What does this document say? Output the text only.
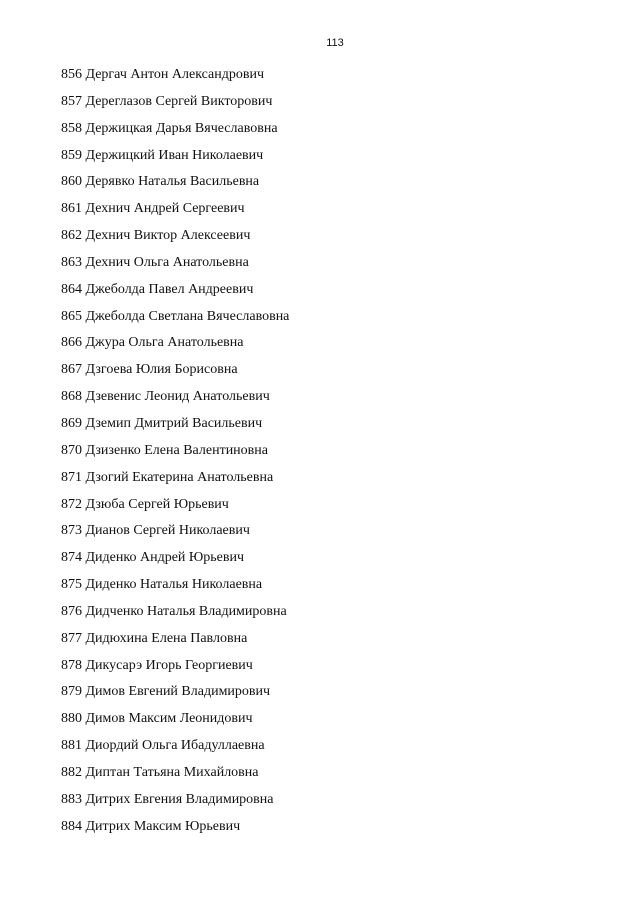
113
856 Дергач Антон Александрович
857 Дереглазов Сергей Викторович
858 Держицкая Дарья Вячеславовна
859 Держицкий Иван Николаевич
860 Дерявко Наталья Васильевна
861 Дехнич Андрей Сергеевич
862 Дехнич Виктор Алексеевич
863 Дехнич Ольга Анатольевна
864 Джеболда Павел Андреевич
865 Джеболда Светлана Вячеславовна
866 Джура Ольга Анатольевна
867 Дзгоева Юлия Борисовна
868 Дзевенис Леонид Анатольевич
869 Дземип Дмитрий Васильевич
870 Дзизенко Елена Валентиновна
871 Дзогий Екатерина Анатольевна
872 Дзюба Сергей Юрьевич
873 Дианов Сергей Николаевич
874 Диденко Андрей Юрьевич
875 Диденко Наталья Николаевна
876 Дидченко Наталья Владимировна
877 Дидюхина Елена Павловна
878 Дикусарэ Игорь Георгиевич
879 Димов Евгений Владимирович
880 Димов Максим Леонидович
881 Диордий Ольга Ибадуллаевна
882 Диптан Татьяна Михайловна
883 Дитрих Евгения Владимировна
884 Дитрих Максим Юрьевич
